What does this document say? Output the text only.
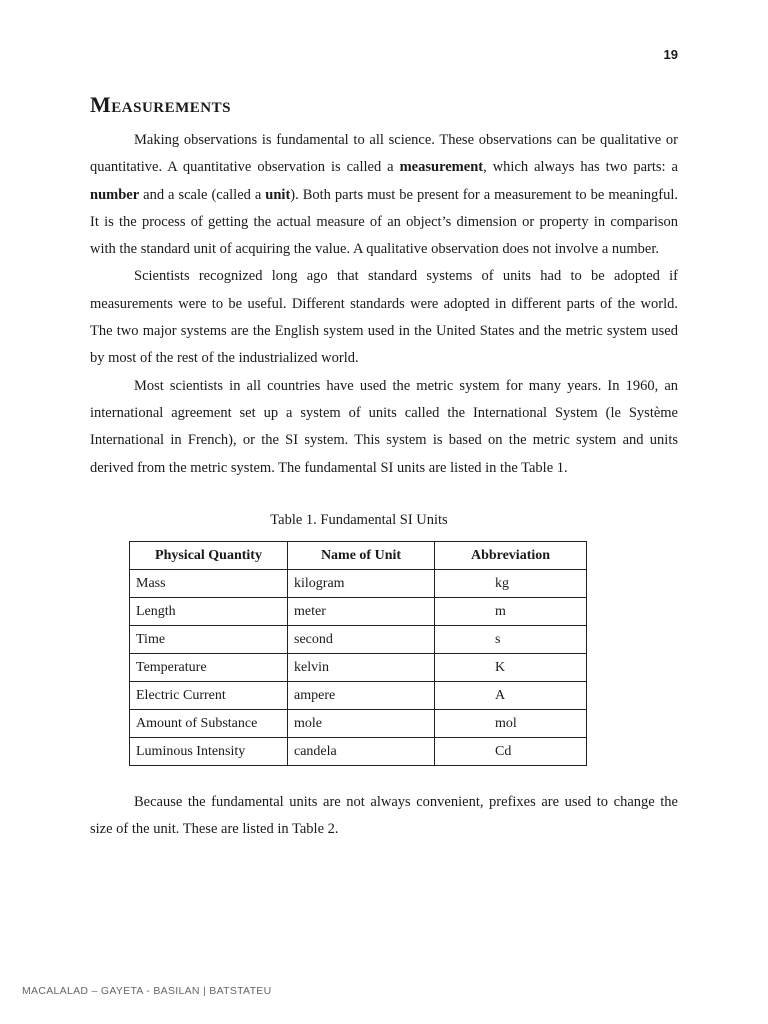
19
Measurements

Making observations is fundamental to all science. These observations can be qualitative or quantitative. A quantitative observation is called a measurement, which always has two parts: a number and a scale (called a unit). Both parts must be present for a measurement to be meaningful. It is the process of getting the actual measure of an object’s dimension or property in comparison with the standard unit of acquiring the value. A qualitative observation does not involve a number.

Scientists recognized long ago that standard systems of units had to be adopted if measurements were to be useful. Different standards were adopted in different parts of the world. The two major systems are the English system used in the United States and the metric system used by most of the rest of the industrialized world.

Most scientists in all countries have used the metric system for many years. In 1960, an international agreement set up a system of units called the International System (le Système International in French), or the SI system. This system is based on the metric system and units derived from the metric system. The fundamental SI units are listed in the Table 1.

Table 1. Fundamental SI Units
Physical Quantity	Name of Unit	Abbreviation
Mass	kilogram	kg
Length	meter	m
Time	second	s
Temperature	kelvin	K
Electric Current	ampere	A
Amount of Substance	mole	mol
Luminous Intensity	candela	Cd

Because the fundamental units are not always convenient, prefixes are used to change the size of the unit. These are listed in Table 2.

MACALALAD – GAYETA - BASILAN | BATSTATEU
